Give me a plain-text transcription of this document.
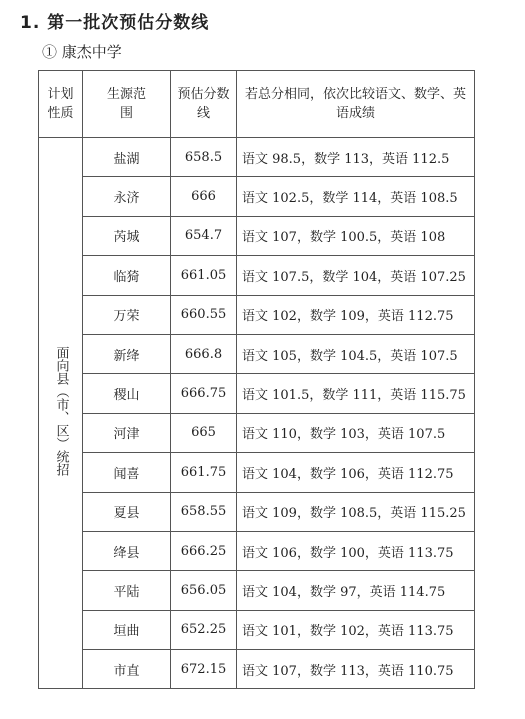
1. 第一批次预估分数线
① 康杰中学
计划性质	生源范围	预估分数线	若总分相同，依次比较语文、数学、英语成绩

面向县（市、区）统招	盐湖	658.5	语文 98.5，数学 113，英语 112.5
	永济	666	语文 102.5，数学 114，英语 108.5
	芮城	654.7	语文 107，数学 100.5，英语 108
	临猗	661.05	语文 107.5，数学 104，英语 107.25
	万荣	660.55	语文 102，数学 109，英语 112.75
	新绛	666.8	语文 105，数学 104.5，英语 107.5
	稷山	666.75	语文 101.5，数学 111，英语 115.75
	河津	665	语文 110，数学 103，英语 107.5
	闻喜	661.75	语文 104，数学 106，英语 112.75
	夏县	658.55	语文 109，数学 108.5，英语 115.25
	绛县	666.25	语文 106，数学 100，英语 113.75
	平陆	656.05	语文 104，数学 97，英语 114.75
	垣曲	652.25	语文 101，数学 102，英语 113.75
	市直	672.15	语文 107，数学 113，英语 110.75
